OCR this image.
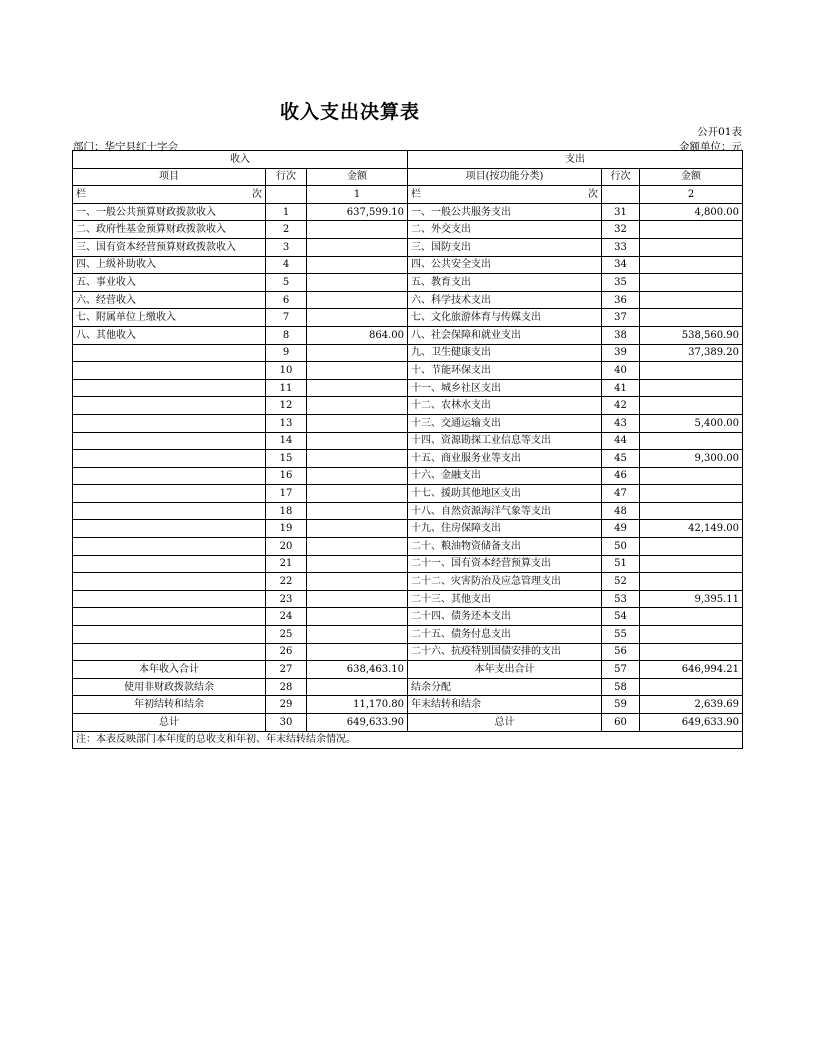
收入支出决算表
公开01表
部门：华宁县红十字会	金额单位：元
收入			支出		
项目	行次	金额	项目(按功能分类)	行次	金额

栏 次		1	栏 次		2
一、一般公共预算财政拨款收入	1	637,599.10	一、一般公共服务支出	31	4,800.00
二、政府性基金预算财政拨款收入	2		二、外交支出	32	
三、国有资本经营预算财政拨款收入	3		三、国防支出	33	
四、上级补助收入	4		四、公共安全支出	34	
五、事业收入	5		五、教育支出	35	
六、经营收入	6		六、科学技术支出	36	
七、附属单位上缴收入	7		七、文化旅游体育与传媒支出	37	
八、其他收入	8	864.00	八、社会保障和就业支出	38	538,560.90
	9		九、卫生健康支出	39	37,389.20
	10		十、节能环保支出	40	
	11		十一、城乡社区支出	41	
	12		十二、农林水支出	42	
	13		十三、交通运输支出	43	5,400.00
	14		十四、资源勘探工业信息等支出	44	
	15		十五、商业服务业等支出	45	9,300.00
	16		十六、金融支出	46	
	17		十七、援助其他地区支出	47	
	18		十八、自然资源海洋气象等支出	48	
	19		十九、住房保障支出	49	42,149.00
	20		二十、粮油物资储备支出	50	
	21		二十一、国有资本经营预算支出	51	
	22		二十二、灾害防治及应急管理支出	52	
	23		二十三、其他支出	53	9,395.11
	24		二十四、债务还本支出	54	
	25		二十五、债务付息支出	55	
	26		二十六、抗疫特别国债安排的支出	56	
本年收入合计	27	638,463.10	本年支出合计	57	646,994.21
使用非财政拨款结余	28		结余分配	58	
年初结转和结余	29	11,170.80	年末结转和结余	59	2,639.69
总计	30	649,633.90	总计	60	649,633.90
注：本表反映部门本年度的总收支和年初、年末结转结余情况。					
